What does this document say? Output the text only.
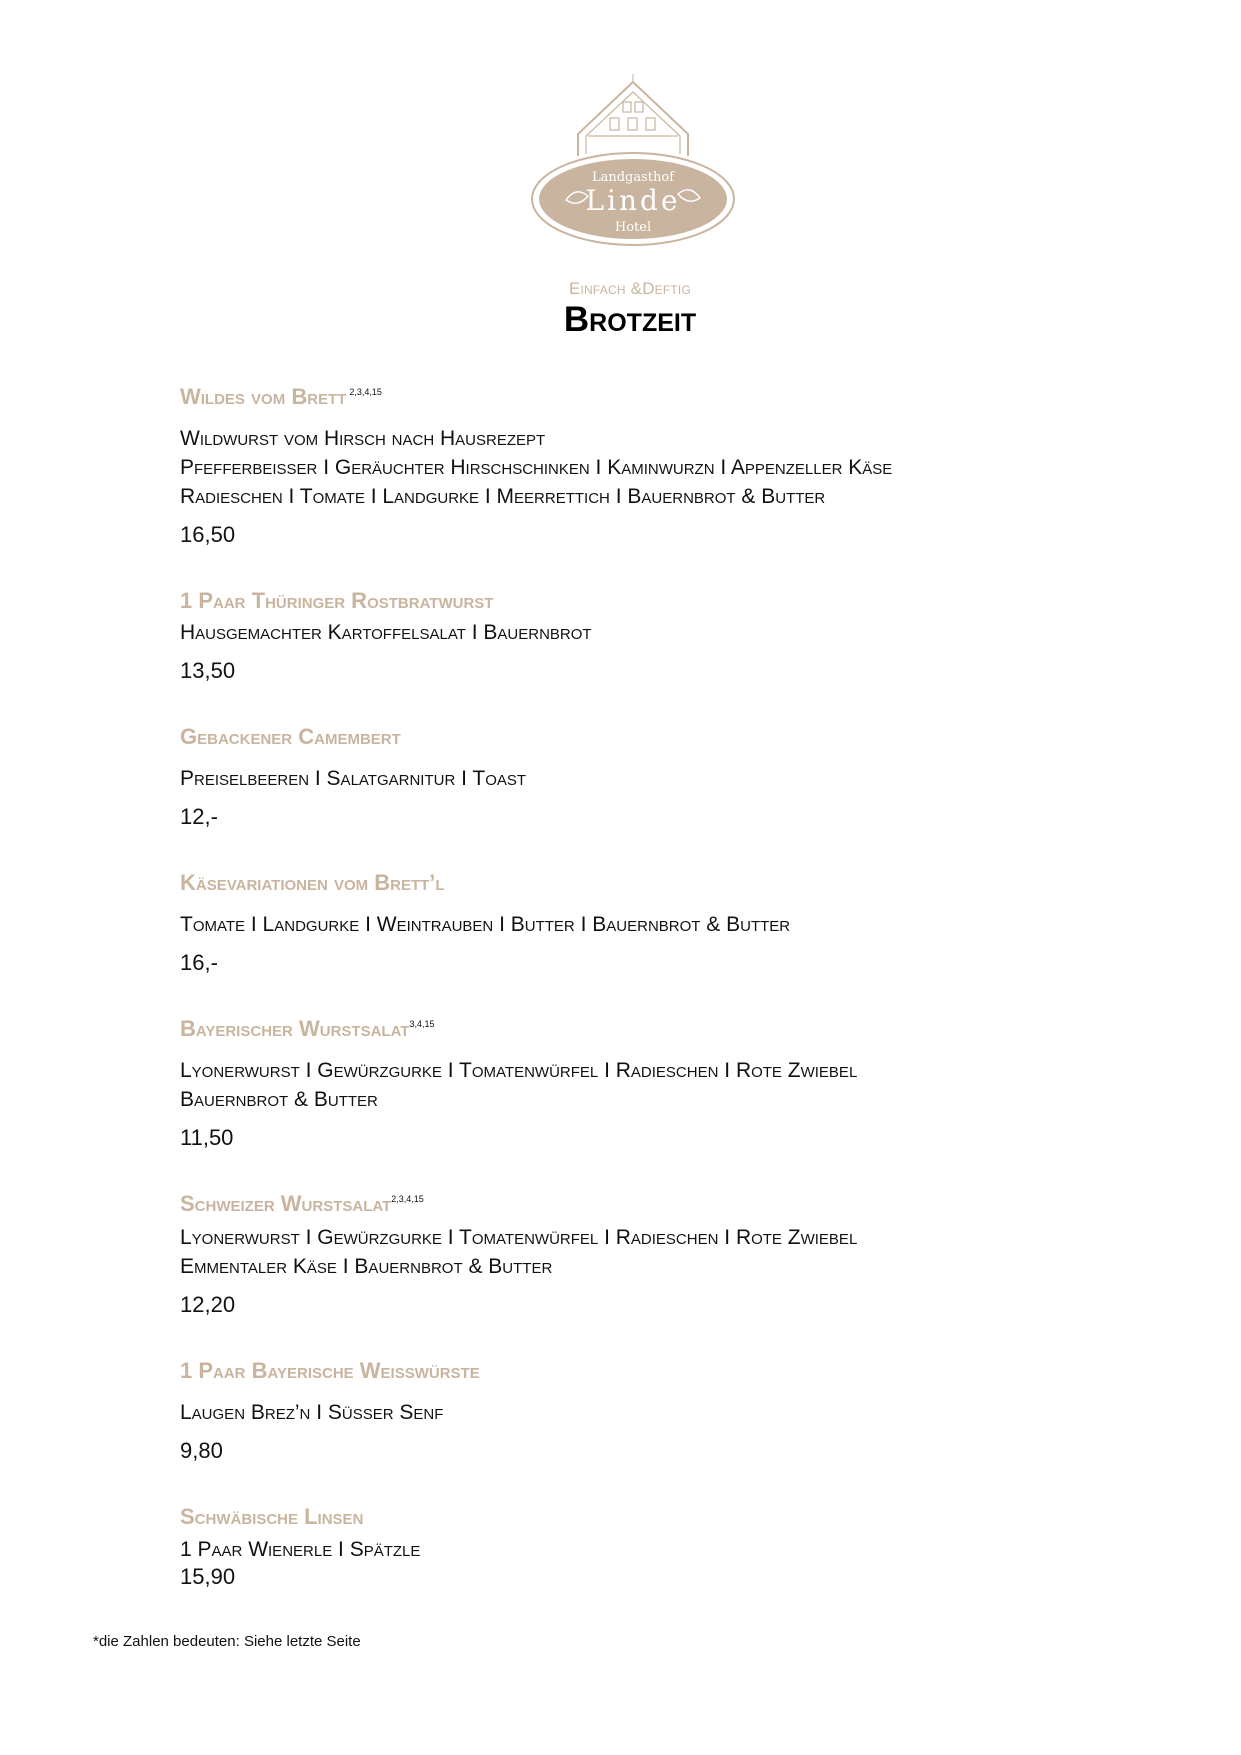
Landgasthof
Linde
Hotel
Einfach &Deftig
Brotzeit
Wildes vom Brett $^{2,3,4,15}$
Wildwurst vom Hirsch nach Hausrezept
Pfefferbeißer I Geräuchter Hirschschinken I Kaminwurzn I Appenzeller Käse
Radieschen I Tomate I Landgurke I Meerrettich I Bauernbrot & Butter
16,50
1 Paar Thüringer Rostbratwurst
Hausgemachter Kartoffelsalat I Bauernbrot
13,50
Gebackener Camembert
Preiselbeeren I Salatgarnitur I Toast
12,-
Käsevariationen vom Brett’l
Tomate I Landgurke I Weintrauben I Butter I Bauernbrot & Butter
16,-
Bayerischer Wurstsalat$^{3,4,15}$
Lyonerwurst I Gewürzgurke I Tomatenwürfel I Radieschen I Rote Zwiebel
Bauernbrot & Butter
11,50
Schweizer Wurstsalat$^{2,3,4,15}$
Lyonerwurst I Gewürzgurke I Tomatenwürfel I Radieschen I Rote Zwiebel
Emmentaler Käse I Bauernbrot & Butter
12,20
1 Paar Bayerische Weißwürste
Laugen Brez’n I Süßer Senf
9,80
Schwäbische Linsen
1 Paar Wienerle I Spätzle
15,90
*die Zahlen bedeuten: Siehe letzte Seite
